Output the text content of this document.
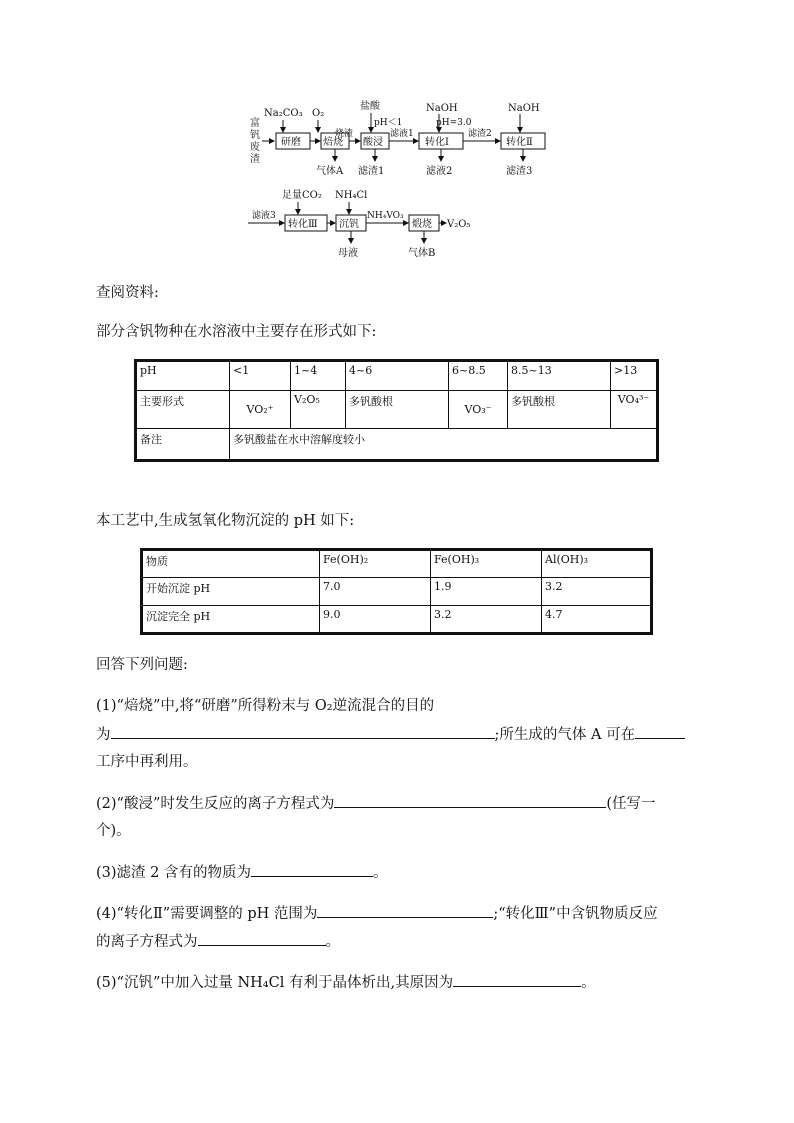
富
钒
废
渣
Na₂CO₃ O₂
盐酸
pH＜1
NaOH
pH=3.0
NaOH
研磨 焙烧
烧渣
酸浸
滤液1
转化Ⅰ
滤渣2
转化Ⅱ
气体A 滤渣1	滤液2	滤渣3
足量CO₂ NH₄Cl
滤液3
转化Ⅲ 沉钒
NH₄VO₃
煅烧 V₂O₅
母液	气体B
查阅资料:
部分含钒物种在水溶液中主要存在形式如下:
pH	<1	1~4	4~6	6~8.5	8.5~13	>13
主要形式	VO₂⁺	V₂O₅	多钒酸根	VO₃⁻	多钒酸根	VO₄³⁻
备注	多钒酸盐在水中溶解度较小					
本工艺中,生成氢氧化物沉淀的 pH 如下:
物质	Fe(OH)₂	Fe(OH)₃	Al(OH)₃
开始沉淀 pH	7.0	1.9	3.2
沉淀完全 pH	9.0	3.2	4.7
回答下列问题:
(1)“焙烧”中,将“研磨”所得粉末与 O₂逆流混合的目的
为	;所生成的气体 A 可在
工序中再利用。
(2)“酸浸”时发生反应的离子方程式为	(任写一
个)。
(3)滤渣 2 含有的物质为	。
(4)“转化Ⅱ”需要调整的 pH 范围为	;“转化Ⅲ”中含钒物质反应
的离子方程式为	。
(5)“沉钒”中加入过量 NH₄Cl 有利于晶体析出,其原因为	。
